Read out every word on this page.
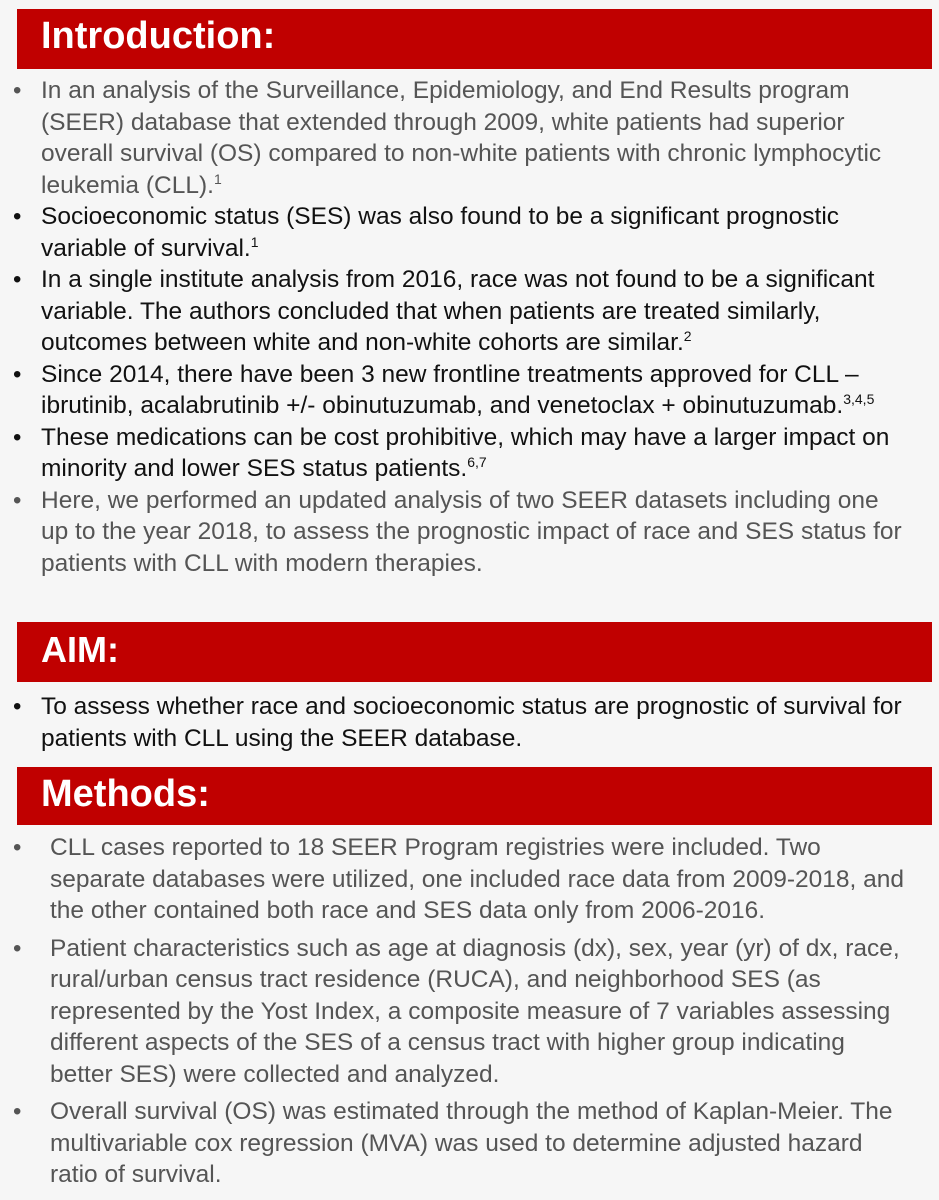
Introduction:
• In an analysis of the Surveillance, Epidemiology, and End Results program (SEER) database that extended through 2009, white patients had superior overall survival (OS) compared to non-white patients with chronic lymphocytic leukemia (CLL).$^1$
• Socioeconomic status (SES) was also found to be a significant prognostic variable of survival.$^1$
• In a single institute analysis from 2016, race was not found to be a significant variable. The authors concluded that when patients are treated similarly, outcomes between white and non-white cohorts are similar.$^2$
• Since 2014, there have been 3 new frontline treatments approved for CLL – ibrutinib, acalabrutinib +/- obinutuzumab, and venetoclax + obinutuzumab.$^{3,4,5}$
• These medications can be cost prohibitive, which may have a larger impact on minority and lower SES status patients.$^{6,7}$
• Here, we performed an updated analysis of two SEER datasets including one up to the year 2018, to assess the prognostic impact of race and SES status for patients with CLL with modern therapies.
AIM:
• To assess whether race and socioeconomic status are prognostic of survival for patients with CLL using the SEER database.
Methods:
• CLL cases reported to 18 SEER Program registries were included. Two separate databases were utilized, one included race data from 2009-2018, and the other contained both race and SES data only from 2006-2016.
• Patient characteristics such as age at diagnosis (dx), sex, year (yr) of dx, race, rural/urban census tract residence (RUCA), and neighborhood SES (as represented by the Yost Index, a composite measure of 7 variables assessing different aspects of the SES of a census tract with higher group indicating better SES) were collected and analyzed.
• Overall survival (OS) was estimated through the method of Kaplan-Meier. The multivariable cox regression (MVA) was used to determine adjusted hazard ratio of survival.
